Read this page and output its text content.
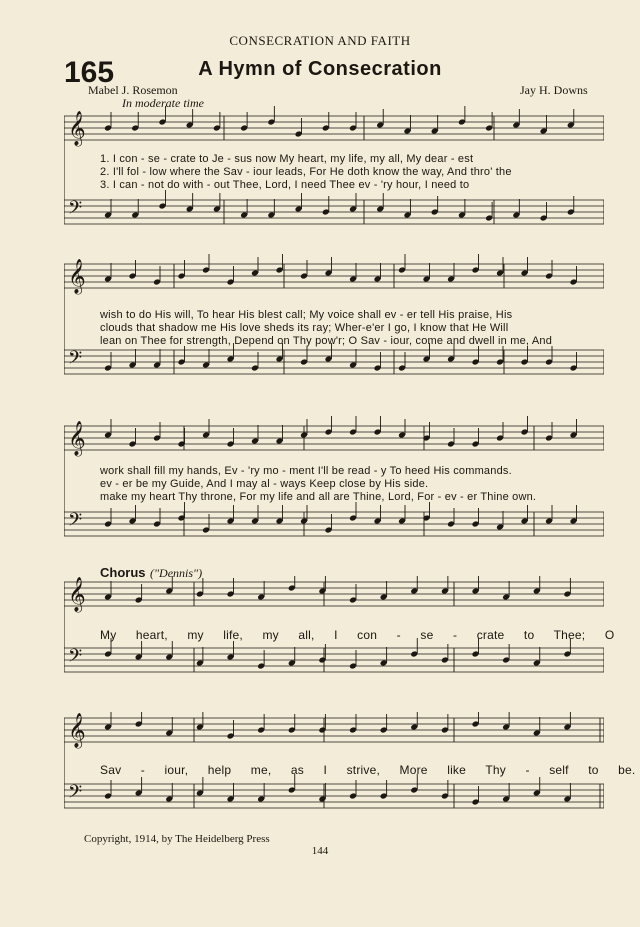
CONSECRATION AND FAITH
165	A Hymn of Consecration
Mabel J. Rosemon	Jay H. Downs
In moderate time
𝄞
𝄢
1. I con - se - crate to Je - sus now My heart, my life, my all, My dear - est
2. I'll fol - low where the Sav - iour leads, For He doth know the way, And thro' the
3. I can - not do with - out Thee, Lord, I need Thee ev - 'ry hour, I need to
𝄞
𝄢
wish to do His will, To hear His blest call; My voice shall ev - er tell His praise, His
clouds that shadow me His love sheds its ray; Wher-e'er I go, I know that He Will
lean on Thee for strength, Depend on Thy pow'r; O Sav - iour, come and dwell in me, And
𝄞
𝄢
work shall fill my hands, Ev - 'ry mo - ment I'll be read - y To heed His commands.
ev - er be my Guide, And I may al - ways Keep close by His side.
make my heart Thy throne, For my life and all are Thine, Lord, For - ev - er Thine own.
Chorus ("Dennis")
𝄞
𝄢
My heart, my life, my all, I con - se - crate to Thee; O
𝄞
𝄢
Sav - iour, help me, as I strive, More like Thy - self to be.
Copyright, 1914, by The Heidelberg Press
144
